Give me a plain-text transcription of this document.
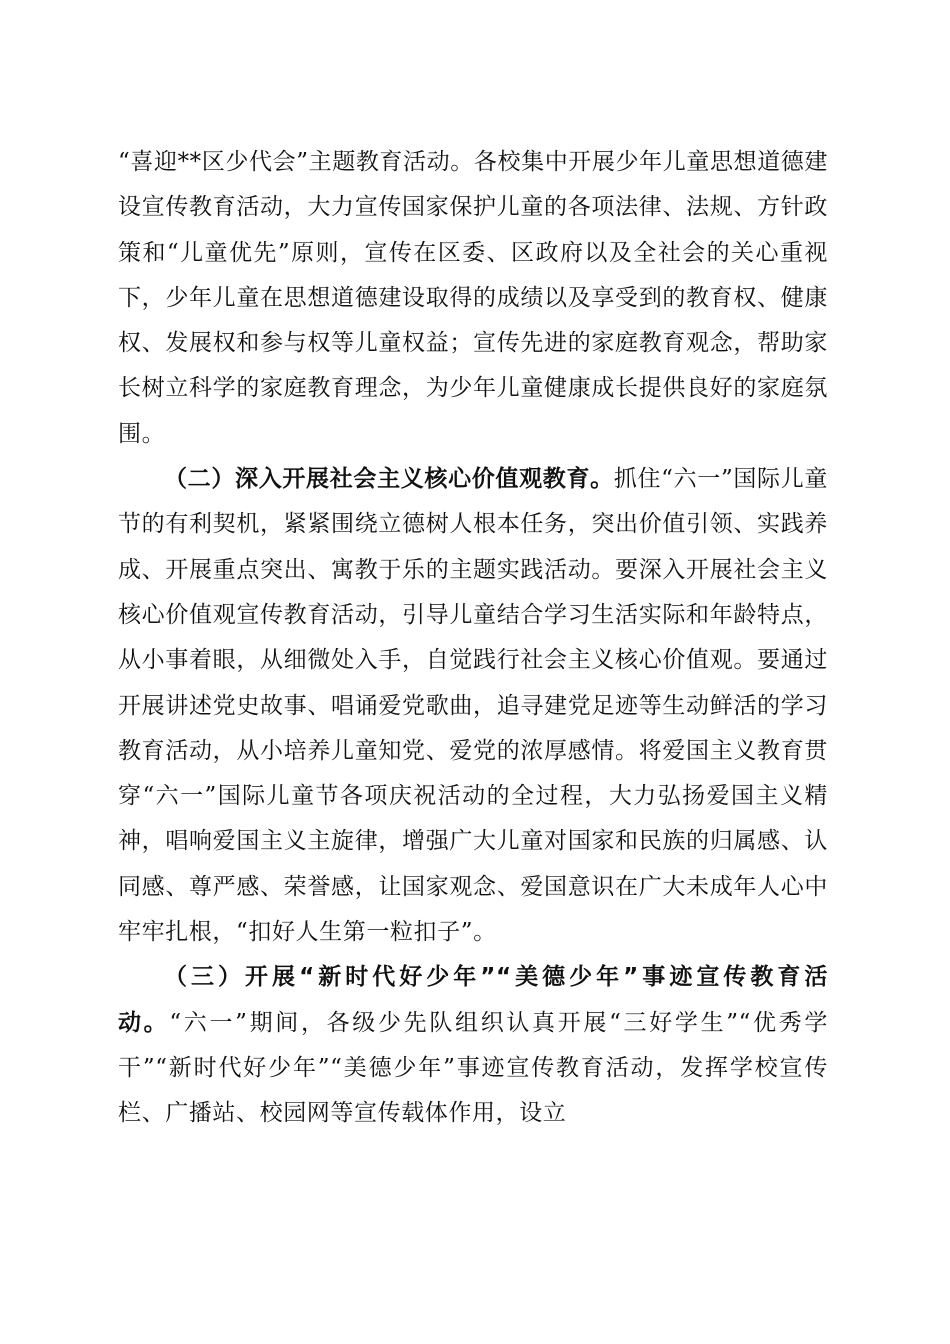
“喜迎**区少代会”主题教育活动。各校集中开展少年儿童思想道德建设宣传教育活动，大力宣传国家保护儿童的各项法律、法规、方针政策和“儿童优先”原则，宣传在区委、区政府以及全社会的关心重视下，少年儿童在思想道德建设取得的成绩以及享受到的教育权、健康权、发展权和参与权等儿童权益；宣传先进的家庭教育观念，帮助家长树立科学的家庭教育理念，为少年儿童健康成长提供良好的家庭氛围。

（二）深入开展社会主义核心价值观教育。抓住“六一”国际儿童节的有利契机，紧紧围绕立德树人根本任务，突出价值引领、实践养成、开展重点突出、寓教于乐的主题实践活动。要深入开展社会主义核心价值观宣传教育活动，引导儿童结合学习生活实际和年龄特点，从小事着眼，从细微处入手，自觉践行社会主义核心价值观。要通过开展讲述党史故事、唱诵爱党歌曲，追寻建党足迹等生动鲜活的学习教育活动，从小培养儿童知党、爱党的浓厚感情。将爱国主义教育贯穿“六一”国际儿童节各项庆祝活动的全过程，大力弘扬爱国主义精神，唱响爱国主义主旋律，增强广大儿童对国家和民族的归属感、认同感、尊严感、荣誉感，让国家观念、爱国意识在广大未成年人心中牢牢扎根，“扣好人生第一粒扣子”。

（三）开展“新时代好少年”“美德少年”事迹宣传教育活动。“六一”期间，各级少先队组织认真开展“三好学生”“优秀学干”“新时代好少年”“美德少年”事迹宣传教育活动，发挥学校宣传栏、广播站、校园网等宣传载体作用，设立
